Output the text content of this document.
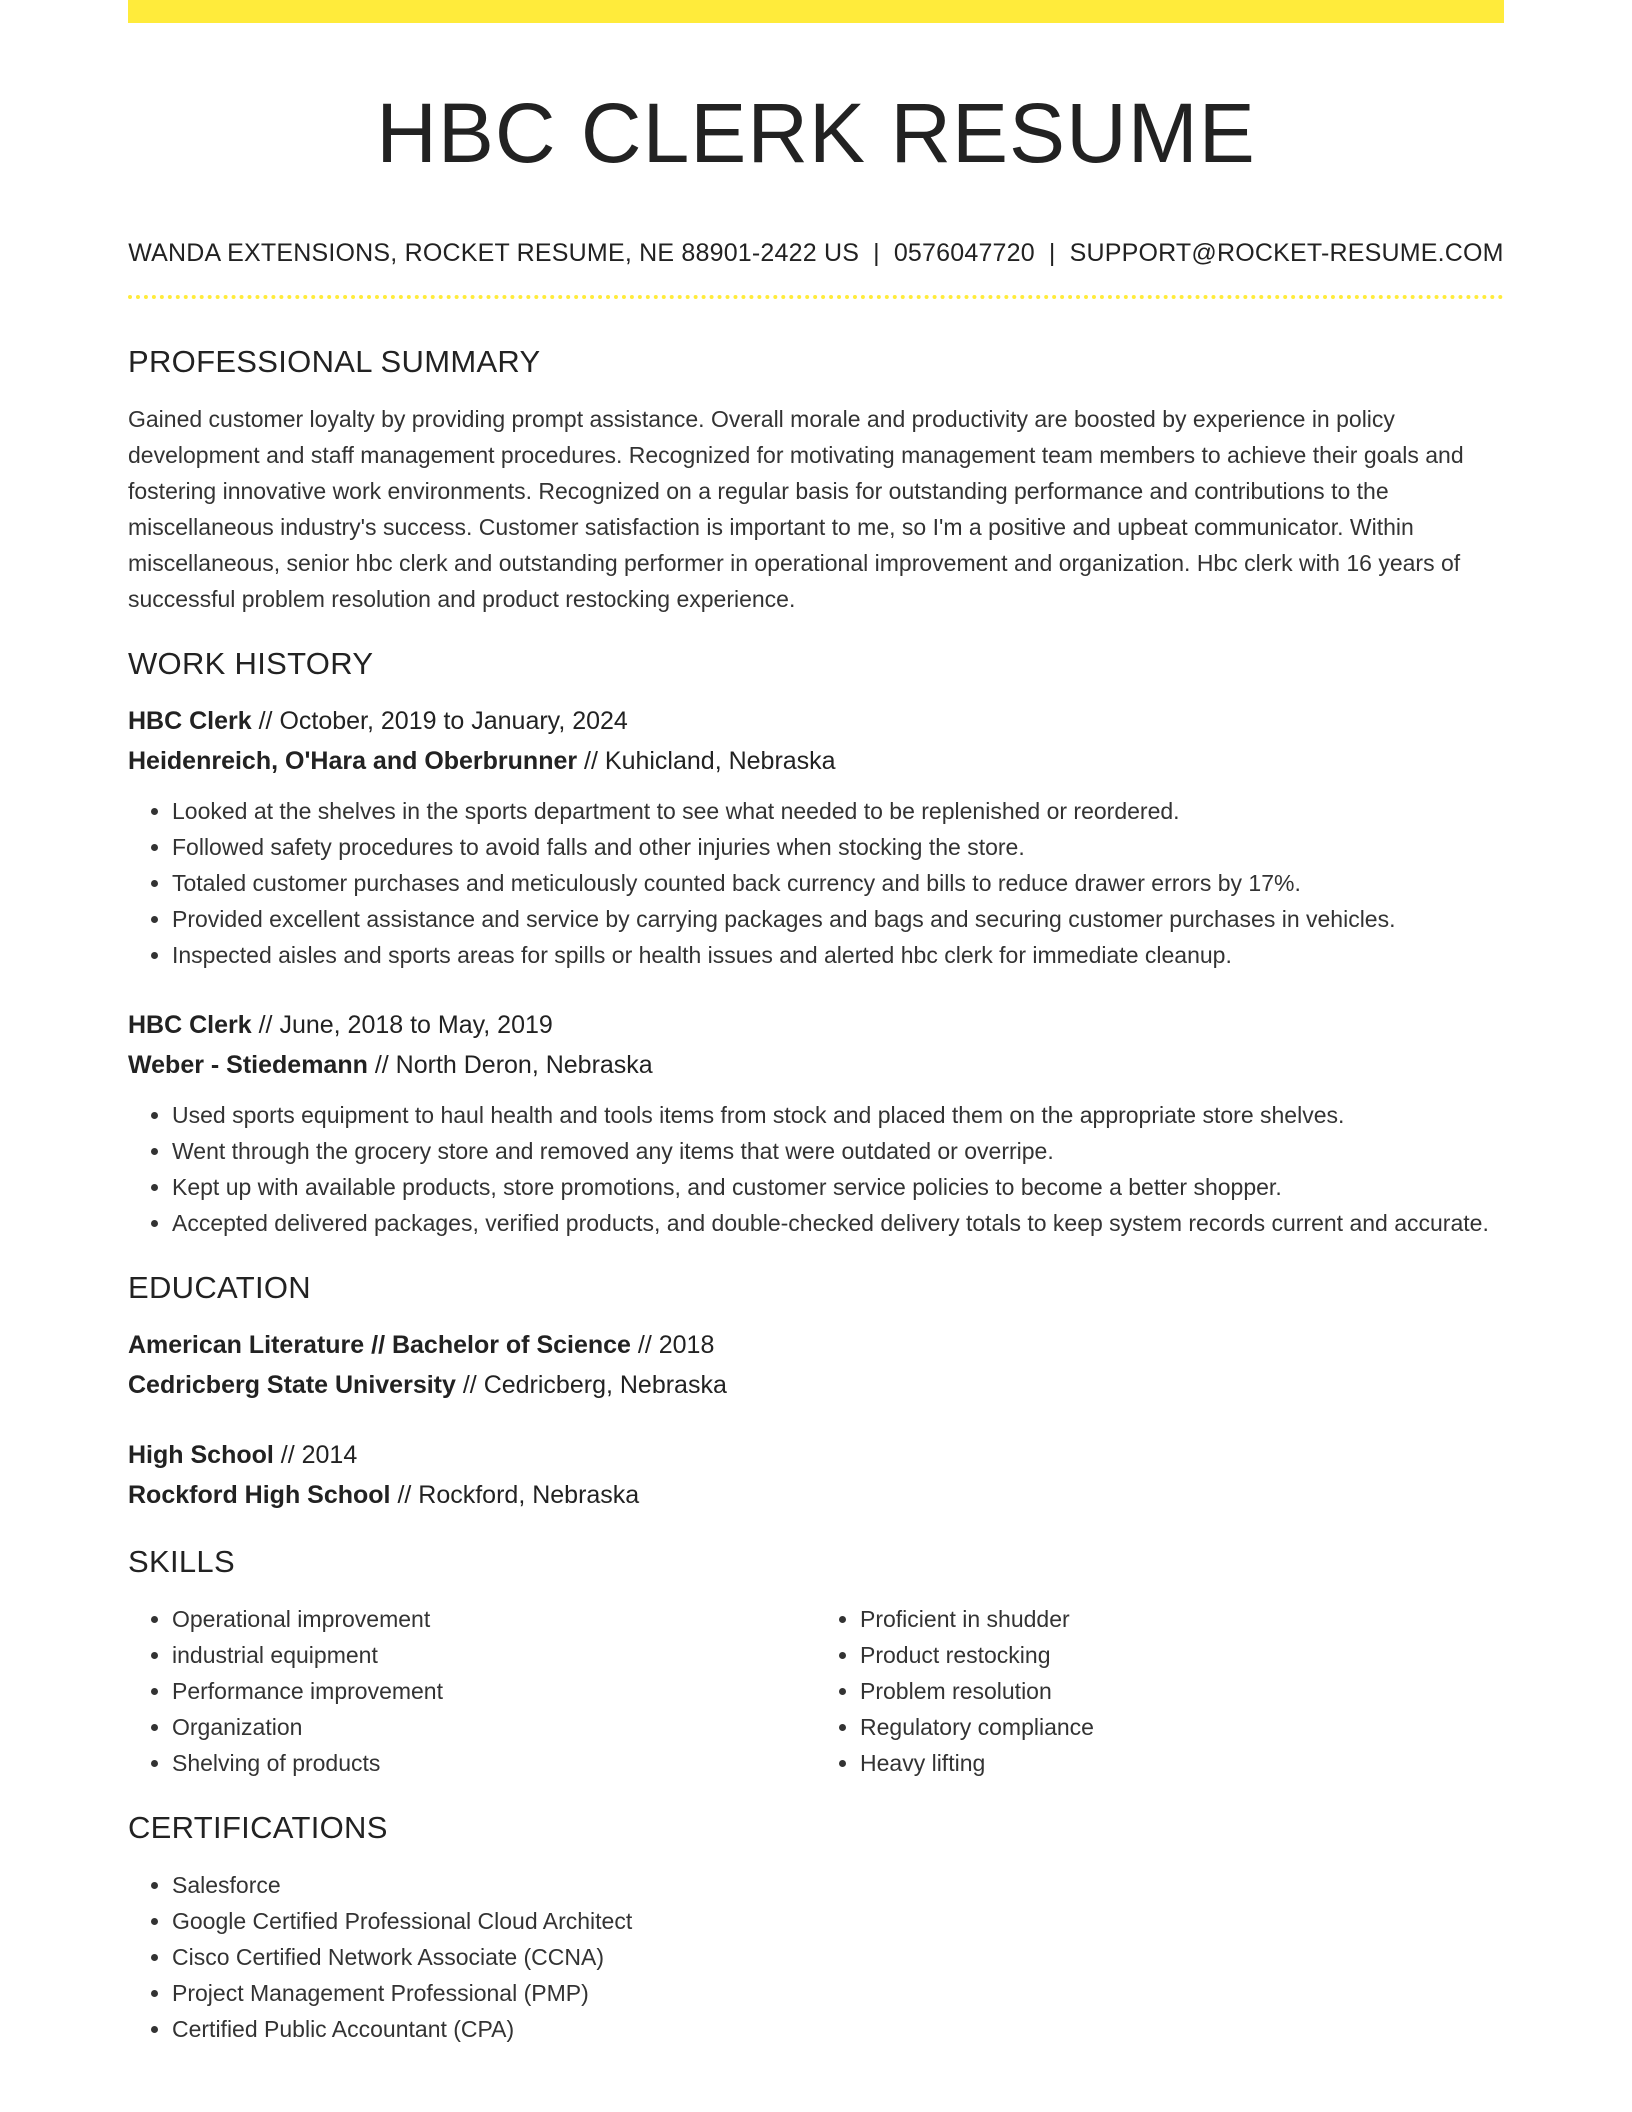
HBC CLERK RESUME
WANDA EXTENSIONS, ROCKET RESUME, NE 88901-2422 US | 0576047720 | SUPPORT@ROCKET-RESUME.COM
PROFESSIONAL SUMMARY

Gained customer loyalty by providing prompt assistance. Overall morale and productivity are boosted by experience in policy development and staff management procedures. Recognized for motivating management team members to achieve their goals and fostering innovative work environments. Recognized on a regular basis for outstanding performance and contributions to the miscellaneous industry's success. Customer satisfaction is important to me, so I'm a positive and upbeat communicator. Within miscellaneous, senior hbc clerk and outstanding performer in operational improvement and organization. Hbc clerk with 16 years of successful problem resolution and product restocking experience.

WORK HISTORY

HBC Clerk // October, 2019 to January, 2024

Heidenreich, O'Hara and Oberbrunner // Kuhicland, Nebraska

• Looked at the shelves in the sports department to see what needed to be replenished or reordered.
• Followed safety procedures to avoid falls and other injuries when stocking the store.
• Totaled customer purchases and meticulously counted back currency and bills to reduce drawer errors by 17%.
• Provided excellent assistance and service by carrying packages and bags and securing customer purchases in vehicles.
• Inspected aisles and sports areas for spills or health issues and alerted hbc clerk for immediate cleanup.

HBC Clerk // June, 2018 to May, 2019

Weber - Stiedemann // North Deron, Nebraska

• Used sports equipment to haul health and tools items from stock and placed them on the appropriate store shelves.
• Went through the grocery store and removed any items that were outdated or overripe.
• Kept up with available products, store promotions, and customer service policies to become a better shopper.
• Accepted delivered packages, verified products, and double-checked delivery totals to keep system records current and accurate.
EDUCATION

American Literature // Bachelor of Science // 2018

Cedricberg State University // Cedricberg, Nebraska

High School // 2014

Rockford High School // Rockford, Nebraska

SKILLS
• Operational improvement
• industrial equipment
• Performance improvement
• Organization
• Shelving of products
• Proficient in shudder
• Product restocking
• Problem resolution
• Regulatory compliance
• Heavy lifting
CERTIFICATIONS
• Salesforce
• Google Certified Professional Cloud Architect
• Cisco Certified Network Associate (CCNA)
• Project Management Professional (PMP)
• Certified Public Accountant (CPA)
